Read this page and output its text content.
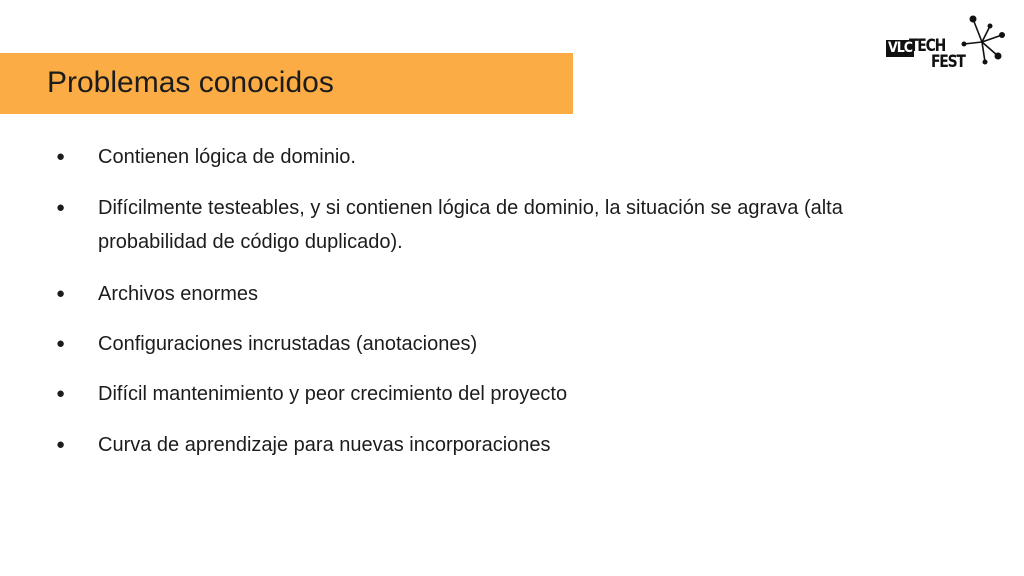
Problemas conocidos
VLC
TECH
FEST
● Contienen lógica de dominio.
● Difícilmente testeables, y si contienen lógica de dominio, la situación se agrava (alta probabilidad de código duplicado).
● Archivos enormes
● Configuraciones incrustadas (anotaciones)
● Difícil mantenimiento y peor crecimiento del proyecto
● Curva de aprendizaje para nuevas incorporaciones
